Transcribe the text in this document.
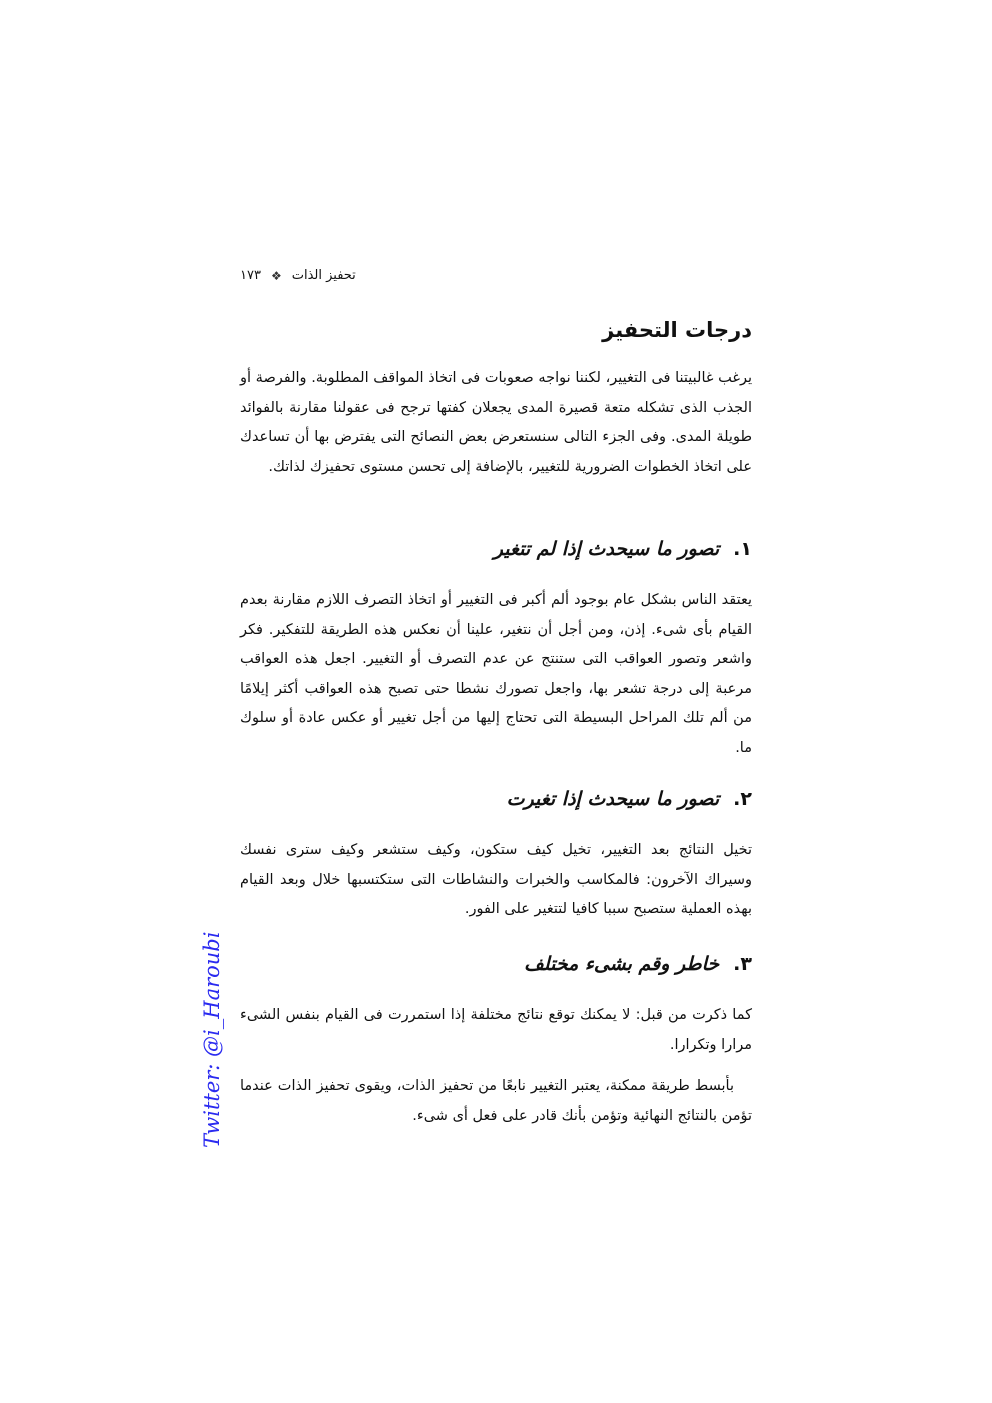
تحفيز الذات
❖
١٧٣
درجات التحفيز

يرغب غالبيتنا فى التغيير، لكننا نواجه صعوبات فى اتخاذ المواقف المطلوبة. والفرصة أو الجذب الذى تشكله متعة قصيرة المدى يجعلان كفتها ترجح فى عقولنا مقارنة بالفوائد طويلة المدى. وفى الجزء التالى سنستعرض بعض النصائح التى يفترض بها أن تساعدك على اتخاذ الخطوات الضرورية للتغيير، بالإضافة إلى تحسن مستوى تحفيزك لذاتك.

١.تصور ما سيحدث إذا لم تتغير

يعتقد الناس بشكل عام بوجود ألم أكبر فى التغيير أو اتخاذ التصرف اللازم مقارنة بعدم القيام بأى شىء. إذن، ومن أجل أن نتغير، علينا أن نعكس هذه الطريقة للتفكير. فكر واشعر وتصور العواقب التى ستنتج عن عدم التصرف أو التغيير. اجعل هذه العواقب مرعبة إلى درجة تشعر بها، واجعل تصورك نشطا حتى تصبح هذه العواقب أكثر إيلامًا من ألم تلك المراحل البسيطة التى تحتاج إليها من أجل تغيير أو عكس عادة أو سلوك ما.

٢.تصور ما سيحدث إذا تغيرت

تخيل النتائج بعد التغيير، تخيل كيف ستكون، وكيف ستشعر وكيف سترى نفسك وسيراك الآخرون: فالمكاسب والخبرات والنشاطات التى ستكتسبها خلال وبعد القيام بهذه العملية ستصبح سببا كافيا لتتغير على الفور.

٣.خاطر وقم بشىء مختلف

كما ذكرت من قبل: لا يمكنك توقع نتائج مختلفة إذا استمررت فى القيام بنفس الشىء مرارا وتكرارا.

بأبسط طريقة ممكنة، يعتبر التغيير نابعًا من تحفيز الذات، ويقوى تحفيز الذات عندما تؤمن بالنتائج النهائية وتؤمن بأنك قادر على فعل أى شىء.

Twitter: @i_Haroubi
